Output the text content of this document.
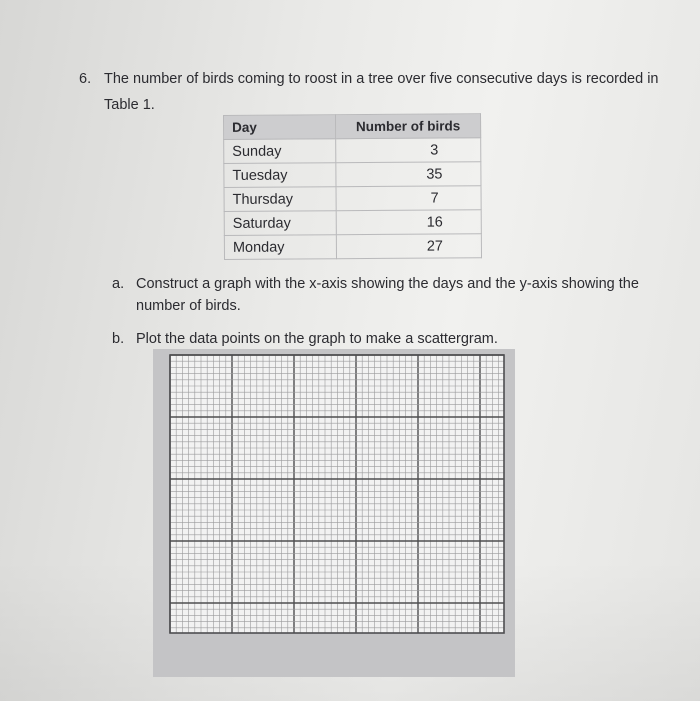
6. The number of birds coming to roost in a tree over five consecutive days is recorded in Table 1.
Day	Number of birds
Sunday	3
Tuesday	35
Thursday	7
Saturday	16
Monday	27
a. Construct a graph with the x-axis showing the days and the y-axis showing the
number of birds.
b. Plot the data points on the graph to make a scattergram.
